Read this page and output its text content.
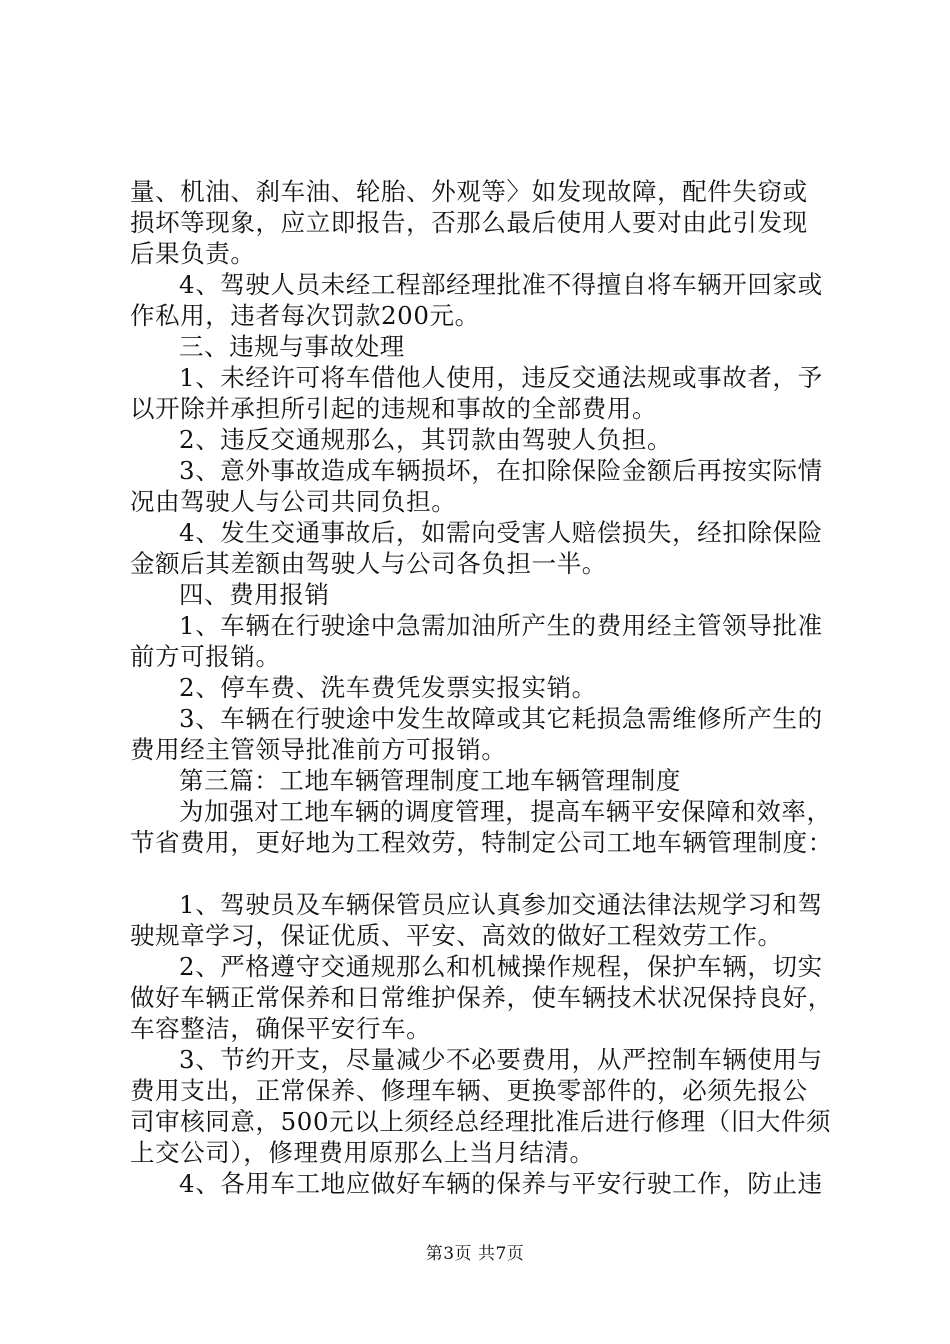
量、机油、刹车油、轮胎、外观等〉如发现故障，配件失窃或
损坏等现象，应立即报告，否那么最后使用人要对由此引发现
后果负责。
4、驾驶人员未经工程部经理批准不得擅自将车辆开回家或
作私用，违者每次罚款200元。
三、违规与事故处理
1、未经许可将车借他人使用，违反交通法规或事故者，予
以开除并承担所引起的违规和事故的全部费用。
2、违反交通规那么，其罚款由驾驶人负担。
3、意外事故造成车辆损坏，在扣除保险金额后再按实际情
况由驾驶人与公司共同负担。
4、发生交通事故后，如需向受害人赔偿损失，经扣除保险
金额后其差额由驾驶人与公司各负担一半。
四、费用报销
1、车辆在行驶途中急需加油所产生的费用经主管领导批准
前方可报销。
2、停车费、洗车费凭发票实报实销。
3、车辆在行驶途中发生故障或其它耗损急需维修所产生的
费用经主管领导批准前方可报销。
第三篇：工地车辆管理制度工地车辆管理制度
为加强对工地车辆的调度管理，提高车辆平安保障和效率，
节省费用，更好地为工程效劳，特制定公司工地车辆管理制度：
1、驾驶员及车辆保管员应认真参加交通法律法规学习和驾
驶规章学习，保证优质、平安、高效的做好工程效劳工作。
2、严格遵守交通规那么和机械操作规程，保护车辆，切实
做好车辆正常保养和日常维护保养，使车辆技术状况保持良好，
车容整洁，确保平安行车。
3、节约开支，尽量减少不必要费用，从严控制车辆使用与
费用支出，正常保养、修理车辆、更换零部件的，必须先报公
司审核同意，500元以上须经总经理批准后进行修理（旧大件须
上交公司），修理费用原那么上当月结清。
4、各用车工地应做好车辆的保养与平安行驶工作，防止违
第3页 共7页
